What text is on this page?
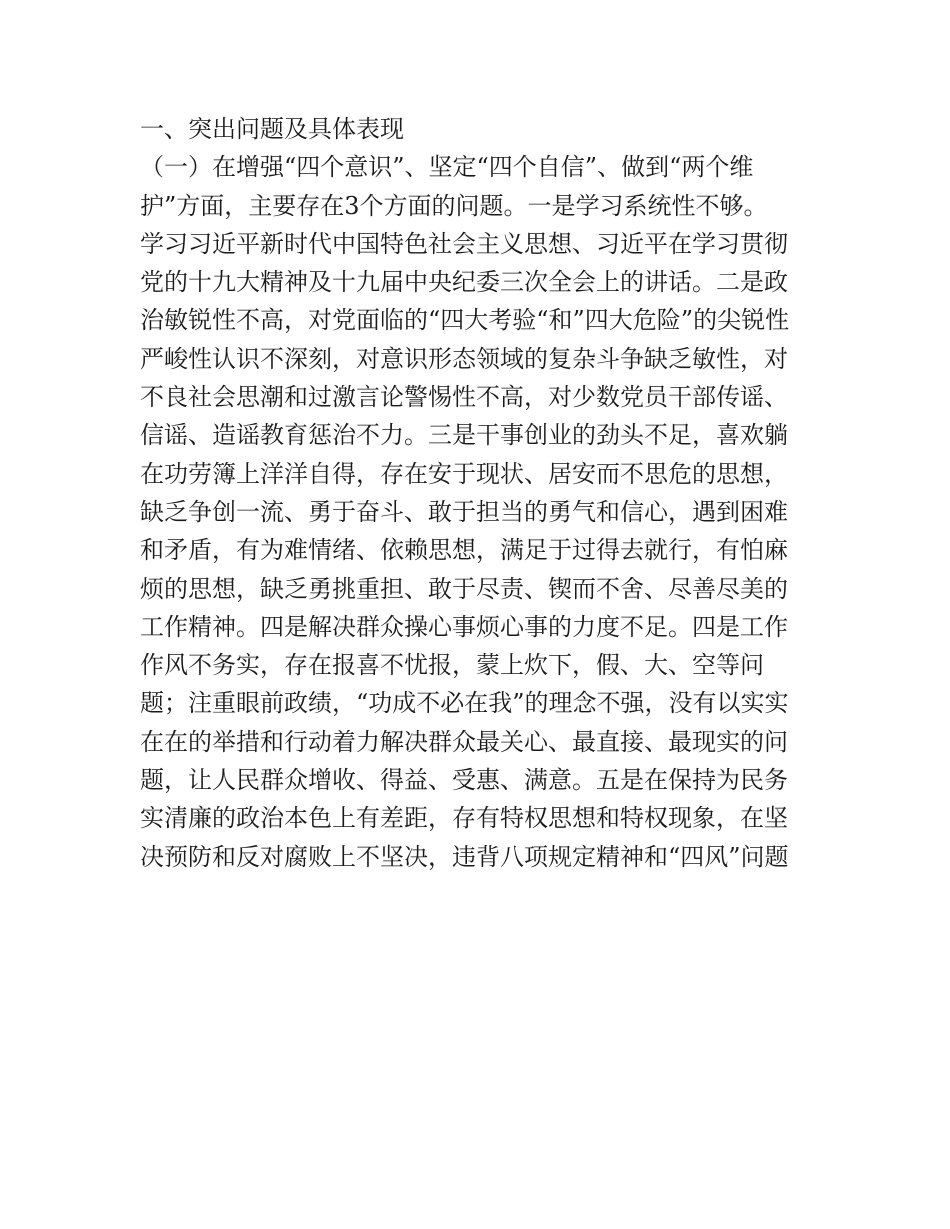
一、突出问题及具体表现
（一）在增强“四个意识”、坚定“四个自信”、做到“两个维
护”方面，主要存在3个方面的问题。一是学习系统性不够。
学习习近平新时代中国特色社会主义思想、习近平在学习贯彻
党的十九大精神及十九届中央纪委三次全会上的讲话。二是政
治敏锐性不高，对党面临的“四大考验“和”四大危险”的尖锐性
严峻性认识不深刻，对意识形态领域的复杂斗争缺乏敏性，对
不良社会思潮和过激言论警惕性不高，对少数党员干部传谣、
信谣、造谣教育惩治不力。三是干事创业的劲头不足，喜欢躺
在功劳簿上洋洋自得，存在安于现状、居安而不思危的思想，
缺乏争创一流、勇于奋斗、敢于担当的勇气和信心，遇到困难
和矛盾，有为难情绪、依赖思想，满足于过得去就行，有怕麻
烦的思想，缺乏勇挑重担、敢于尽责、锲而不舍、尽善尽美的
工作精神。四是解决群众操心事烦心事的力度不足。四是工作
作风不务实，存在报喜不忧报，蒙上炊下，假、大、空等问
题；注重眼前政绩，“功成不必在我”的理念不强，没有以实实
在在的举措和行动着力解决群众最关心、最直接、最现实的问
题，让人民群众增收、得益、受惠、满意。五是在保持为民务
实清廉的政治本色上有差距，存有特权思想和特权现象，在坚
决预防和反对腐败上不坚决，违背八项规定精神和“四风”问题
